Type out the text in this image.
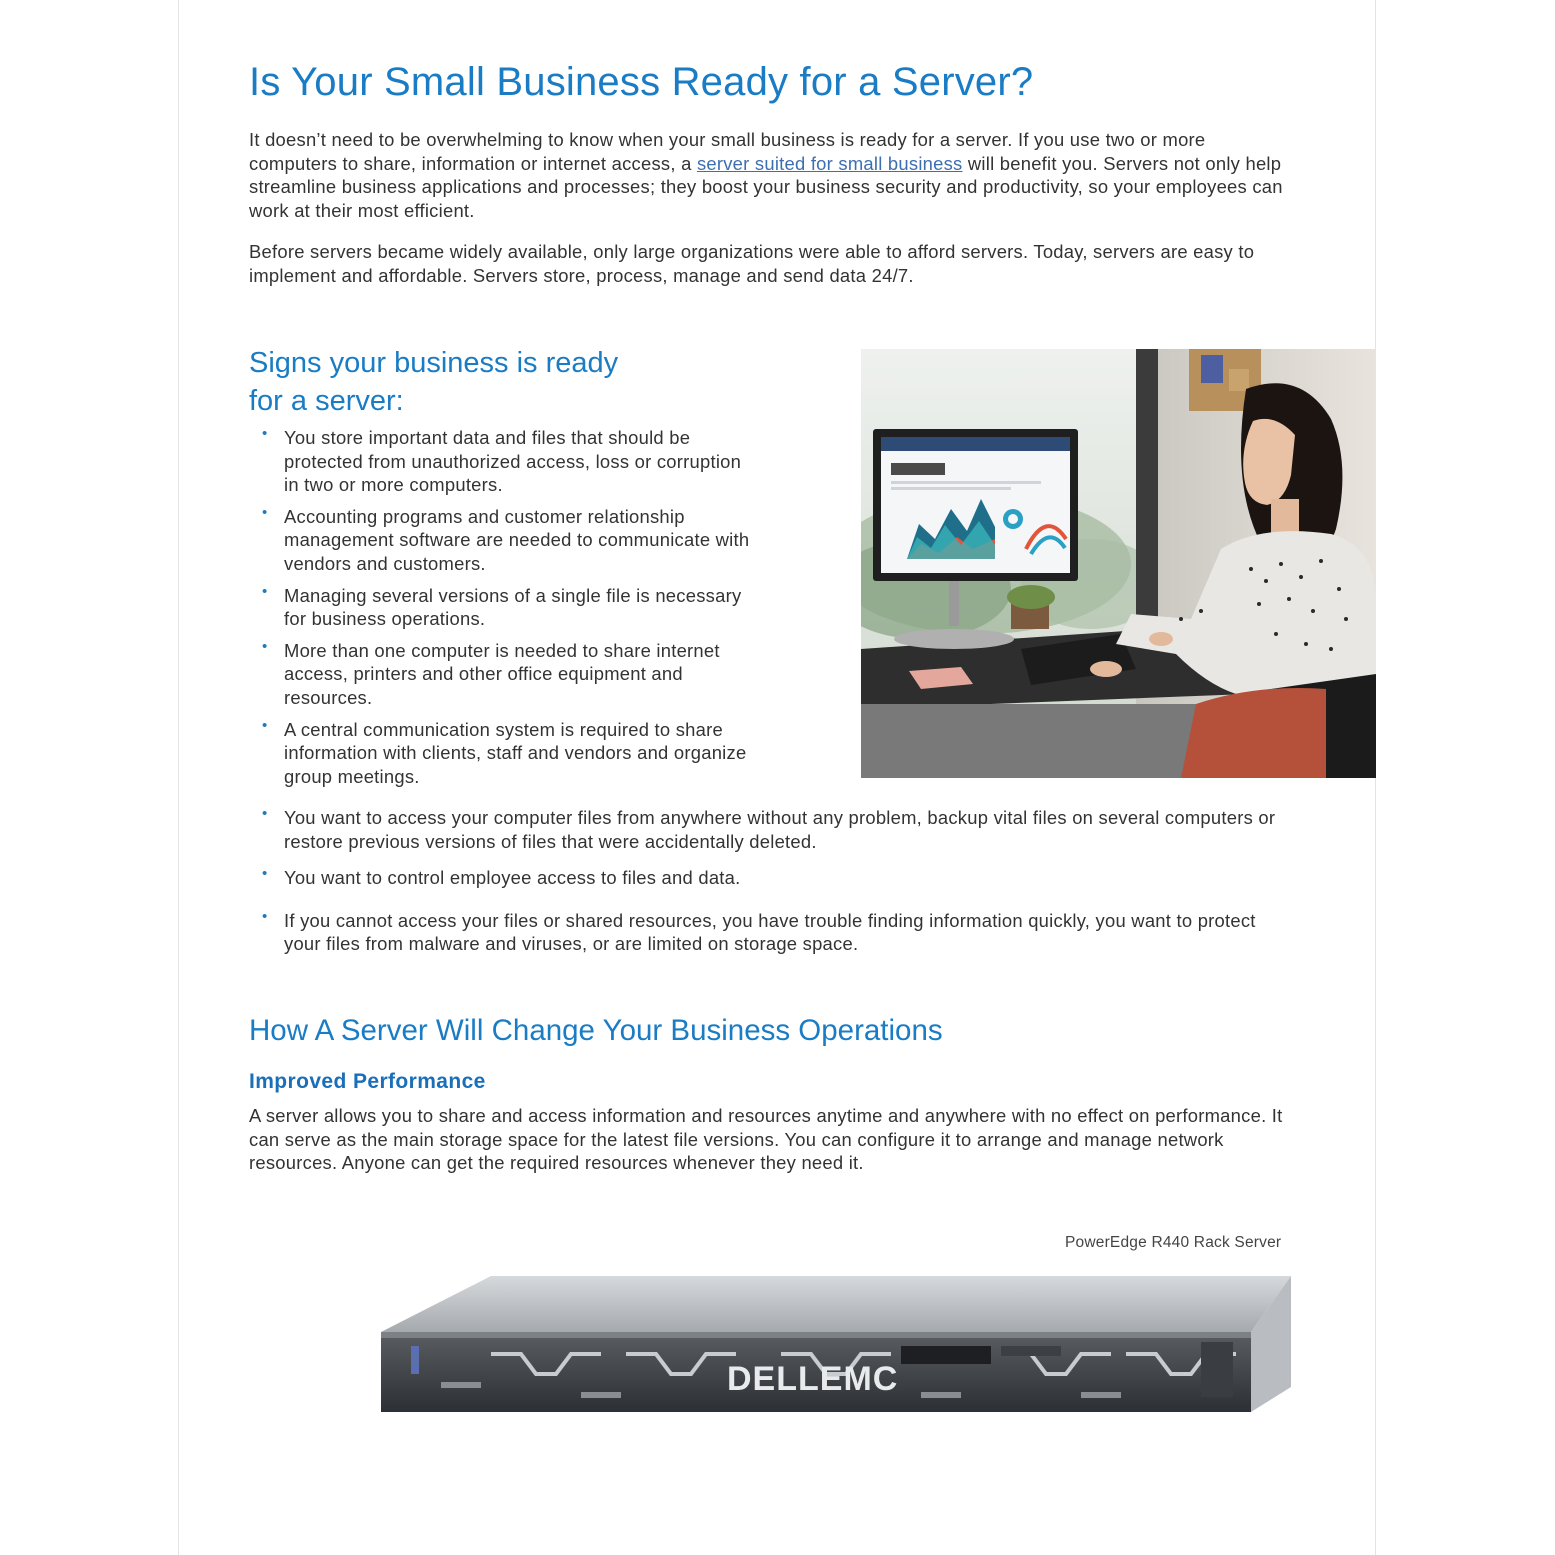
Is Your Small Business Ready for a Server?

It doesn’t need to be overwhelming to know when your small business is ready for a server. If you use two or more computers to share, information or internet access, a server suited for small business will benefit you. Servers not only help streamline business applications and processes; they boost your business security and productivity, so your employees can work at their most efficient.

Before servers became widely available, only large organizations were able to afford servers. Today, servers are easy to implement and affordable. Servers store, process, manage and send data 24/7.

Signs your business is ready
for a server:
• You store important data and files that should be protected from unauthorized access, loss or corruption in two or more computers.
• Accounting programs and customer relationship management software are needed to communicate with vendors and customers.
• Managing several versions of a single file is necessary for business operations.
• More than one computer is needed to share internet access, printers and other office equipment and resources.
• A central communication system is required to share information with clients, staff and vendors and organize group meetings.
• You want to access your computer files from anywhere without any problem, backup vital files on several computers or restore previous versions of files that were accidentally deleted.
• You want to control employee access to files and data.
• If you cannot access your files or shared resources, you have trouble finding information quickly, you want to protect your files from malware and viruses, or are limited on storage space.
How A Server Will Change Your Business Operations
Improved Performance

A server allows you to share and access information and resources anytime and anywhere with no effect on performance. It can serve as the main storage space for the latest file versions. You can configure it to arrange and manage network resources. Anyone can get the required resources whenever they need it.

PowerEdge R440 Rack Server
DELLEMC
